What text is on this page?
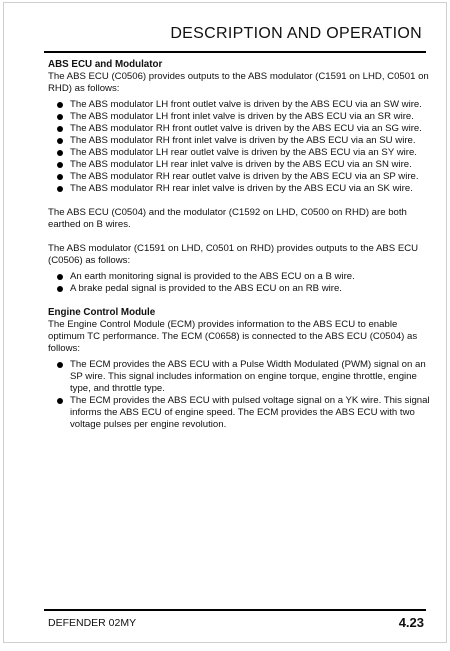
DESCRIPTION AND OPERATION
ABS ECU and Modulator

The ABS ECU (C0506) provides outputs to the ABS modulator (C1591 on LHD, C0501 on RHD) as follows:

The ABS modulator LH front outlet valve is driven by the ABS ECU via an SW wire.
The ABS modulator LH front inlet valve is driven by the ABS ECU via an SR wire.
The ABS modulator RH front outlet valve is driven by the ABS ECU via an SG wire.
The ABS modulator RH front inlet valve is driven by the ABS ECU via an SU wire.
The ABS modulator LH rear outlet valve is driven by the ABS ECU via an SY wire.
The ABS modulator LH rear inlet valve is driven by the ABS ECU via an SN wire.
The ABS modulator RH rear outlet valve is driven by the ABS ECU via an SP wire.
The ABS modulator RH rear inlet valve is driven by the ABS ECU via an SK wire.

The ABS ECU (C0504) and the modulator (C1592 on LHD, C0500 on RHD) are both earthed on B wires.

The ABS modulator (C1591 on LHD, C0501 on RHD) provides outputs to the ABS ECU (C0506) as follows:

An earth monitoring signal is provided to the ABS ECU on a B wire.
A brake pedal signal is provided to the ABS ECU on an RB wire.
Engine Control Module

The Engine Control Module (ECM) provides information to the ABS ECU to enable optimum TC performance. The ECM (C0658) is connected to the ABS ECU (C0504) as follows:

The ECM provides the ABS ECU with a Pulse Width Modulated (PWM) signal on an SP wire. This signal includes information on engine torque, engine throttle, engine type, and throttle type.
The ECM provides the ABS ECU with pulsed voltage signal on a YK wire. This signal informs the ABS ECU of engine speed. The ECM provides the ABS ECU with two voltage pulses per engine revolution.
DEFENDER 02MY	4.23
